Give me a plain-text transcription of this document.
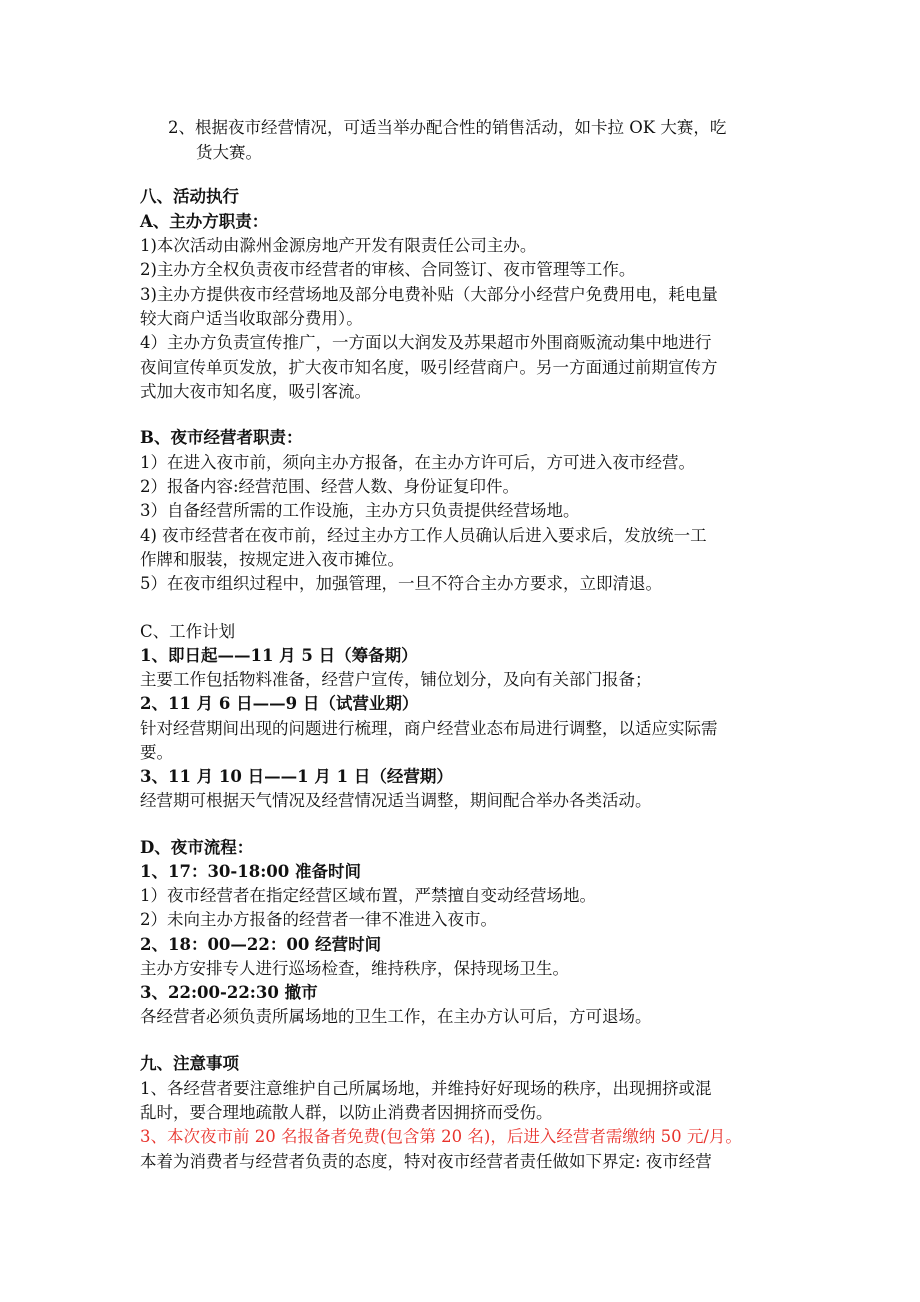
2、根据夜市经营情况，可适当举办配合性的销售活动，如卡拉 OK 大赛，吃
货大赛。
八、活动执行
A、主办方职责：
1)本次活动由滁州金源房地产开发有限责任公司主办。
2)主办方全权负责夜市经营者的审核、合同签订、夜市管理等工作。
3)主办方提供夜市经营场地及部分电费补贴（大部分小经营户免费用电，耗电量
较大商户适当收取部分费用）。
4）主办方负责宣传推广，一方面以大润发及苏果超市外围商贩流动集中地进行
夜间宣传单页发放，扩大夜市知名度，吸引经营商户。另一方面通过前期宣传方
式加大夜市知名度，吸引客流。
B、夜市经营者职责：
1）在进入夜市前，须向主办方报备，在主办方许可后，方可进入夜市经营。
2）报备内容:经营范围、经营人数、身份证复印件。
3）自备经营所需的工作设施，主办方只负责提供经营场地。
4) 夜市经营者在夜市前，经过主办方工作人员确认后进入要求后，发放统一工
作牌和服装，按规定进入夜市摊位。
5）在夜市组织过程中，加强管理，一旦不符合主办方要求，立即清退。
C、工作计划
1、即日起——11 月 5 日（筹备期）
主要工作包括物料准备，经营户宣传，铺位划分，及向有关部门报备；
2、11 月 6 日——9 日（试营业期）
针对经营期间出现的问题进行梳理，商户经营业态布局进行调整，以适应实际需
要。
3、11 月 10 日——1 月 1 日（经营期）
经营期可根据天气情况及经营情况适当调整，期间配合举办各类活动。
D、夜市流程：
1、17：30-18:00 准备时间
1）夜市经营者在指定经营区域布置，严禁擅自变动经营场地。
2）未向主办方报备的经营者一律不准进入夜市。
2、18：00—22：00 经营时间
主办方安排专人进行巡场检查，维持秩序，保持现场卫生。
3、22:00-22:30 撤市
各经营者必须负责所属场地的卫生工作，在主办方认可后，方可退场。
九、注意事项
1、各经营者要注意维护自己所属场地，并维持好好现场的秩序，出现拥挤或混
乱时，要合理地疏散人群，以防止消费者因拥挤而受伤。
3、本次夜市前 20 名报备者免费(包含第 20 名)，后进入经营者需缴纳 50 元/月。
本着为消费者与经营者负责的态度，特对夜市经营者责任做如下界定: 夜市经营
